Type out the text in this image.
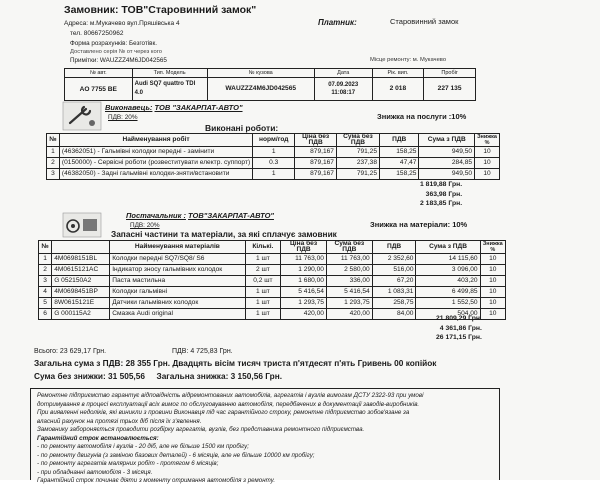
Замовник: ТОВ"Старовинний замок"
Адреса: м.Мукачево вул.Пряшівська 4
тел. 80667250962
Форма розрахунків: Безготівк.
Доставлено серія № от через кого
Примітки: WAUZZZ4M6JD042565
Платник:	Старовинний замок
Місце ремонту: м. Мукачево
№ авт.	Тип. Модель	№ кузова	Дата	Рік. вип.	Пробіг
АО 7755 ВЕ	Audi SQ7 quattro TDI 4.0	WAUZZZ4M6JD042565	07.09.2023 11:08:17	2 018	227 135
Виконавець: ТОВ "ЗАКАРПАТ-АВТО"
ПДВ: 20%
Виконані роботи:
Знижка на послуги :10%
№	Найменування робіт	норм/год	Ціна без ПДВ	Сума без ПДВ	ПДВ	Сума з ПДВ	Знижка %
1	(46362051) - Гальмівні колодки передні - замінити	1	879,167	791,25	158,25	949,50	10
2	(0150000) - Сервісні роботи (розвеститувати електр. суппорт)	0.3	879,167	237,38	47,47	284,85	10
3	(46382050) - Задні гальмівні колодки-зняти/встановити	1	879,167	791,25	158,25	949,50	10
1 819,88 Грн.
363,98 Грн.
2 183,85 Грн.
Постачальник : ТОВ"ЗАКАРПАТ-АВТО"
ПДВ: 20%
Запасні частини та матеріали, за які сплачує замовник
Знижка на матеріали: 10%
№		Найменування матеріалів	Кількі.	Ціна без ПДВ	Сума без ПДВ	ПДВ	Сума з ПДВ	Знижка %
1	4M0698151BL	Колодки передні SQ7/SQ8/ S6	1 шт	11 763,00	11 763,00	2 352,60	14 115,60	10
2	4M0615121AC	Індикатор зносу гальмівних колодок	2 шт	1 290,00	2 580,00	516,00	3 096,00	10
3	G 052150A2	Паста мастильна	0,2 шт	1 680,00	336,00	67,20	403,20	10
4	4M0698451BP	Колодки гальмівні	1 шт	5 416,54	5 416,54	1 083,31	6 499,85	10
5	8W0615121E	Датчики гальмівних колодок	1 шт	1 293,75	1 293,75	258,75	1 552,50	10
6	G 000115A2	Смазка Audi original	1 шт	420,00	420,00	84,00	504,00	10
21 809,29 Грн.
4 361,86 Грн.
26 171,15 Грн.
Всього: 23 629,17 Грн.	ПДВ: 4 725,83 Грн.
Загальна сума з ПДВ: 28 355 Грн. Двадцять вісім тисяч триста п'ятдесят п'ять Гривень 00 копійок
Сума без знижки: 31 505,56 Загальна знижка: 3 150,56 Грн.
Ремонтне підприємство гарантує відповідність відремонтованих автомобілів, агрегатів і вузлів вимогам ДСТУ 2322-93 при умові
дотримування в процесі експлуатації всіх вимог по обслуговуванню автомобіля, передбачених в документації заводів-виробників.
При виявленні недоліків, які виникли з провини Виконавця під час гарантійного строку, ремонтне підприємство зобов'язане за
власний рахунок на протязі трьох діб після їх з'явлення.
Замовнику забороняється проводити розбірку агрегатів, вузлів, без представника ремонтного підприємства.
Гарантійний строк встановлюється:
- по ремонту автомобіля і вузлів - 20 діб, але не більше 1500 км пробігу;
- по ремонту двигунів (з заміною базових деталей) - 6 місяців, але не більше 10000 км пробігу;
- по ремонту агрегатів малярних робіт - протягом 6 місяців;
- при обладнанні автомобіля - 3 місяця.
Гарантійний строк починає діяти з моменту отримання автомобіля з ремонту.
